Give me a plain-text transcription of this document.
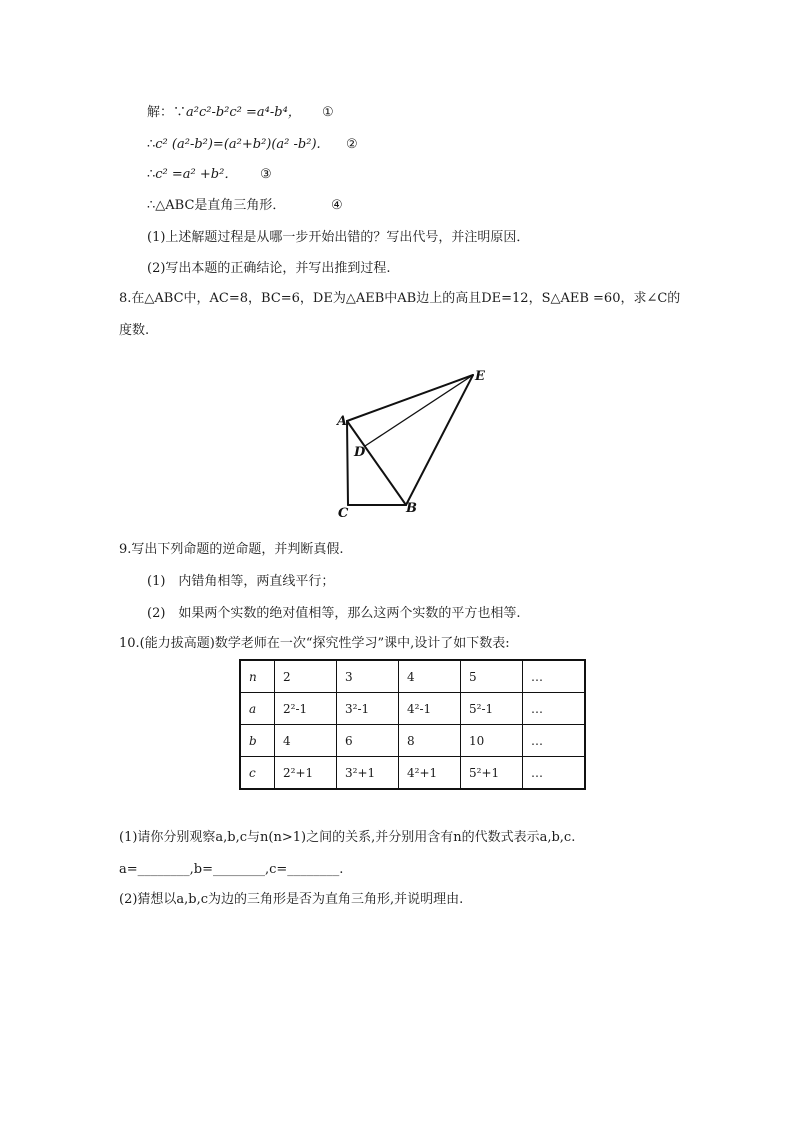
解：∵a²c²-b²c² =a⁴-b⁴， ①
∴c² (a²-b²)=(a²+b²)(a² -b²). ②
∴c² =a² +b²． ③
∴△ABC是直角三角形．	④
(1)上述解题过程是从哪一步开始出错的？写出代号，并注明原因．
(2)写出本题的正确结论，并写出推到过程.
8.在△ABC中，AC=8，BC=6，DE为△AEB中AB边上的高且DE=12，S△AEB =60，求∠C的
度数.
A
D
C	B
E
9.写出下列命题的逆命题，并判断真假.
(1)　内错角相等，两直线平行；
(2)　如果两个实数的绝对值相等，那么这两个实数的平方也相等.
10.(能力拔高题)数学老师在一次“探究性学习”课中,设计了如下数表:
n	2	3	4	5	…
a	2²-1	3²-1	4²-1	5²-1	…
b	4	6	8	10	…
c	2²+1	3²+1	4²+1	5²+1	…
(1)请你分别观察a,b,c与n(n>1)之间的关系,并分别用含有n的代数式表示a,b,c.
a=________,b=________,c=________.
(2)猜想以a,b,c为边的三角形是否为直角三角形,并说明理由.
